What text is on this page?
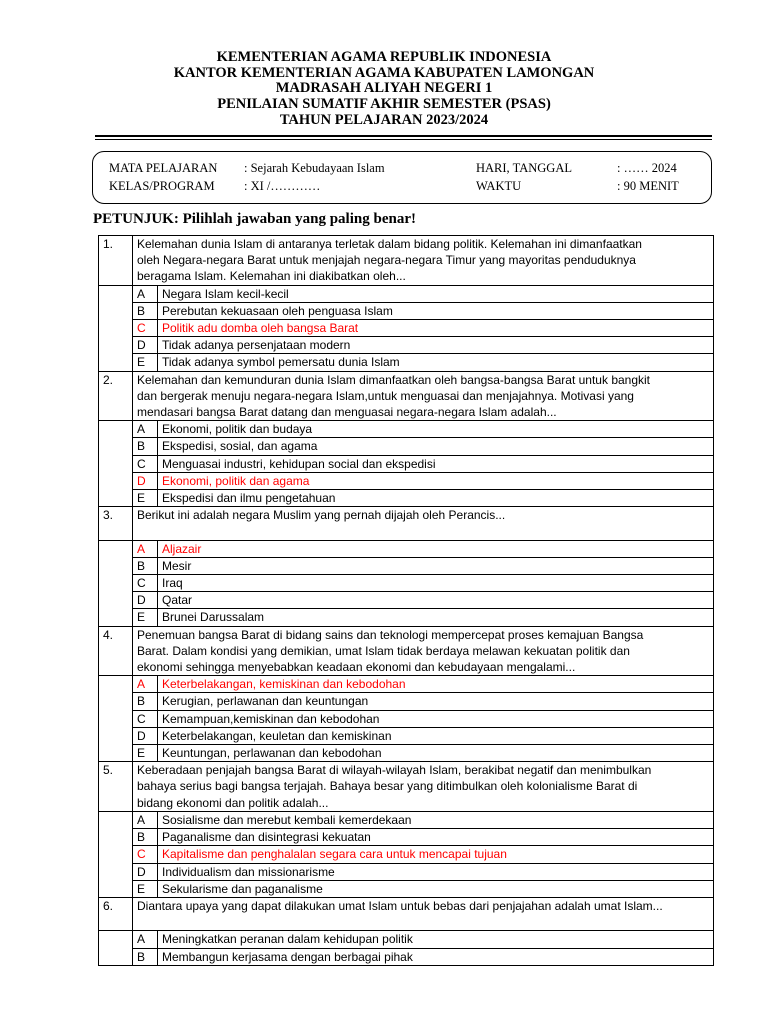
KEMENTERIAN AGAMA REPUBLIK INDONESIA
KANTOR KEMENTERIAN AGAMA KABUPATEN LAMONGAN
MADRASAH ALIYAH NEGERI 1
PENILAIAN SUMATIF AKHIR SEMESTER (PSAS)
TAHUN PELAJARAN 2023/2024
MATA PELAJARAN : Sejarah Kebudayaan Islam	HARI, TANGGAL	: …… 2024
KELAS/PROGRAM : XI /…………	WAKTU	: 90 MENIT
PETUNJUK: Pilihlah jawaban yang paling benar!
1.	Kelemahan dunia Islam di antaranya terletak dalam bidang politik. Kelemahan ini dimanfaatkan
oleh Negara-negara Barat untuk menjajah negara-negara Timur yang mayoritas penduduknya
beragama Islam. Kelemahan ini diakibatkan oleh...	

	A	Negara Islam kecil-kecil
	B	Perebutan kekuasaan oleh penguasa Islam
	C	Politik adu domba oleh bangsa Barat
	D	Tidak adanya persenjataan modern
	E	Tidak adanya symbol pemersatu dunia Islam
2.	Kelemahan dan kemunduran dunia Islam dimanfaatkan oleh bangsa-bangsa Barat untuk bangkit
dan bergerak menuju negara-negara Islam,untuk menguasai dan menjajahnya. Motivasi yang
mendasari bangsa Barat datang dan menguasai negara-negara Islam adalah...	

	A	Ekonomi, politik dan budaya
	B	Ekspedisi, sosial, dan agama
	C	Menguasai industri, kehidupan social dan ekspedisi
	D	Ekonomi, politik dan agama
	E	Ekspedisi dan ilmu pengetahuan
3.	Berikut ini adalah negara Muslim yang pernah dijajah oleh Perancis...	

	A	Aljazair
	B	Mesir
	C	Iraq
	D	Qatar
	E	Brunei Darussalam
4.	Penemuan bangsa Barat di bidang sains dan teknologi mempercepat proses kemajuan Bangsa
Barat. Dalam kondisi yang demikian, umat Islam tidak berdaya melawan kekuatan politik dan
ekonomi sehingga menyebabkan keadaan ekonomi dan kebudayaan mengalami...	

	A	Keterbelakangan, kemiskinan dan kebodohan
	B	Kerugian, perlawanan dan keuntungan
	C	Kemampuan,kemiskinan dan kebodohan
	D	Keterbelakangan, keuletan dan kemiskinan
	E	Keuntungan, perlawanan dan kebodohan
5.	Keberadaan penjajah bangsa Barat di wilayah-wilayah Islam, berakibat negatif dan menimbulkan
bahaya serius bagi bangsa terjajah. Bahaya besar yang ditimbulkan oleh kolonialisme Barat di
bidang ekonomi dan politik adalah...	

	A	Sosialisme dan merebut kembali kemerdekaan
	B	Paganalisme dan disintegrasi kekuatan
	C	Kapitalisme dan penghalalan segara cara untuk mencapai tujuan
	D	Individualism dan missionarisme
	E	Sekularisme dan paganalisme
6.	Diantara upaya yang dapat dilakukan umat Islam untuk bebas dari penjajahan adalah umat Islam...	

	A	Meningkatkan peranan dalam kehidupan politik
	B	Membangun kerjasama dengan berbagai pihak
